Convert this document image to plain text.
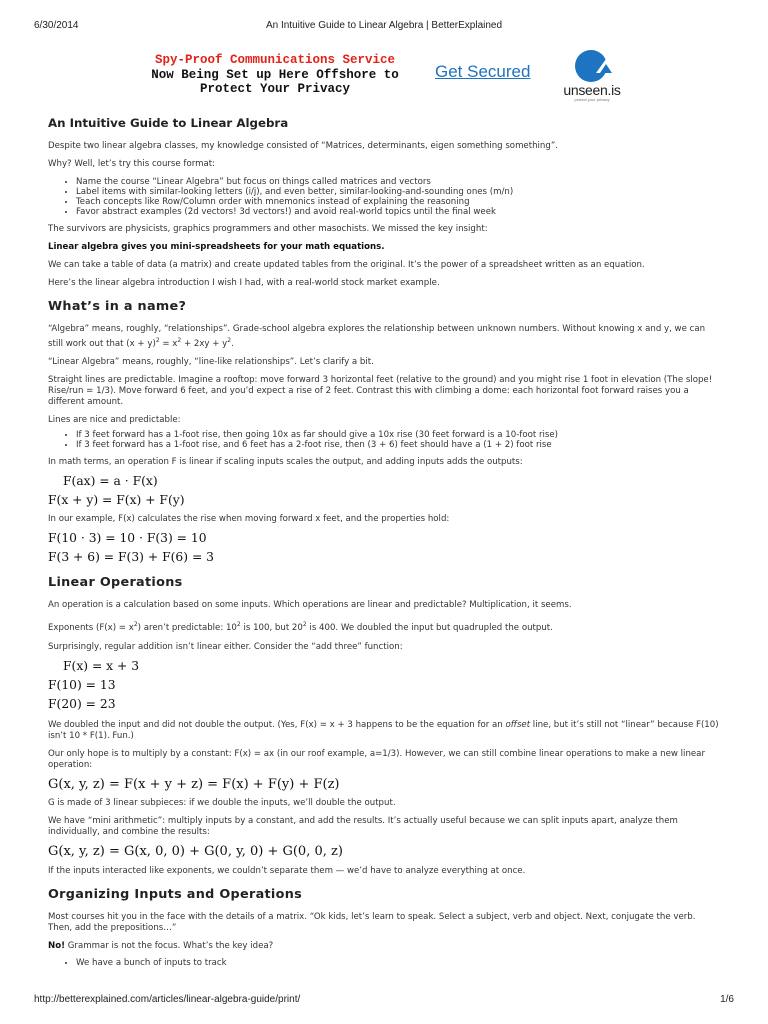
6/30/2014	An Intuitive Guide to Linear Algebra | BetterExplained
Spy-Proof Communications Service
Now Being Set up Here Offshore to
Protect Your Privacy
Get Secured
unseen.is
protect your privacy

An Intuitive Guide to Linear Algebra

Despite two linear algebra classes, my knowledge consisted of “Matrices, determinants, eigen something something”.

Why? Well, let’s try this course format:

• Name the course “Linear Algebra” but focus on things called matrices and vectors
• Label items with similar-looking letters (i/j), and even better, similar-looking-and-sounding ones (m/n)
• Teach concepts like Row/Column order with mnemonics instead of explaining the reasoning
• Favor abstract examples (2d vectors! 3d vectors!) and avoid real-world topics until the final week

The survivors are physicists, graphics programmers and other masochists. We missed the key insight:

Linear algebra gives you mini-spreadsheets for your math equations.

We can take a table of data (a matrix) and create updated tables from the original. It’s the power of a spreadsheet written as an equation.

Here’s the linear algebra introduction I wish I had, with a real-world stock market example.

What’s in a name?

“Algebra” means, roughly, “relationships”. Grade-school algebra explores the relationship between unknown numbers. Without knowing x and y, we can still work out that $(x + y)^2 = x^2 + 2xy + y^2$.

“Linear Algebra” means, roughly, “line-like relationships”. Let’s clarify a bit.

Straight lines are predictable. Imagine a rooftop: move forward 3 horizontal feet (relative to the ground) and you might rise 1 foot in elevation (The slope! Rise/run = 1/3). Move forward 6 feet, and you’d expect a rise of 2 feet. Contrast this with climbing a dome: each horizontal foot forward raises you a different amount.

Lines are nice and predictable:

• If 3 feet forward has a 1-foot rise, then going 10x as far should give a 10x rise (30 feet forward is a 10-foot rise)
• If 3 feet forward has a 1-foot rise, and 6 feet has a 2-foot rise, then (3 + 6) feet should have a (1 + 2) foot rise

In math terms, an operation F is linear if scaling inputs scales the output, and adding inputs adds the outputs:

F(ax) = a · F(x)

F(x + y) = F(x) + F(y)

In our example, F(x) calculates the rise when moving forward x feet, and the properties hold:

F(10 · 3) = 10 · F(3) = 10

F(3 + 6) = F(3) + F(6) = 3

Linear Operations

An operation is a calculation based on some inputs. Which operations are linear and predictable? Multiplication, it seems.

Exponents $(F(x) = x^2)$ aren’t predictable: $10^2$ is 100, but $20^2$ is 400. We doubled the input but quadrupled the output.

Surprisingly, regular addition isn’t linear either. Consider the “add three” function:

F(x) = x + 3

F(10) = 13

F(20) = 23

We doubled the input and did not double the output. (Yes, F(x) = x + 3 happens to be the equation for an offset line, but it’s still not “linear” because F(10) isn’t 10 * F(1). Fun.)

Our only hope is to multiply by a constant: F(x) = ax (in our roof example, a=1/3). However, we can still combine linear operations to make a new linear operation:

G(x, y, z) = F(x + y + z) = F(x) + F(y) + F(z)

G is made of 3 linear subpieces: if we double the inputs, we’ll double the output.

We have “mini arithmetic”: multiply inputs by a constant, and add the results. It’s actually useful because we can split inputs apart, analyze them individually, and combine the results:

G(x, y, z) = G(x, 0, 0) + G(0, y, 0) + G(0, 0, z)

If the inputs interacted like exponents, we couldn’t separate them — we’d have to analyze everything at once.

Organizing Inputs and Operations

Most courses hit you in the face with the details of a matrix. “Ok kids, let’s learn to speak. Select a subject, verb and object. Next, conjugate the verb. Then, add the prepositions…”

No! Grammar is not the focus. What’s the key idea?

• We have a bunch of inputs to track
http://betterexplained.com/articles/linear-algebra-guide/print/	1/6
